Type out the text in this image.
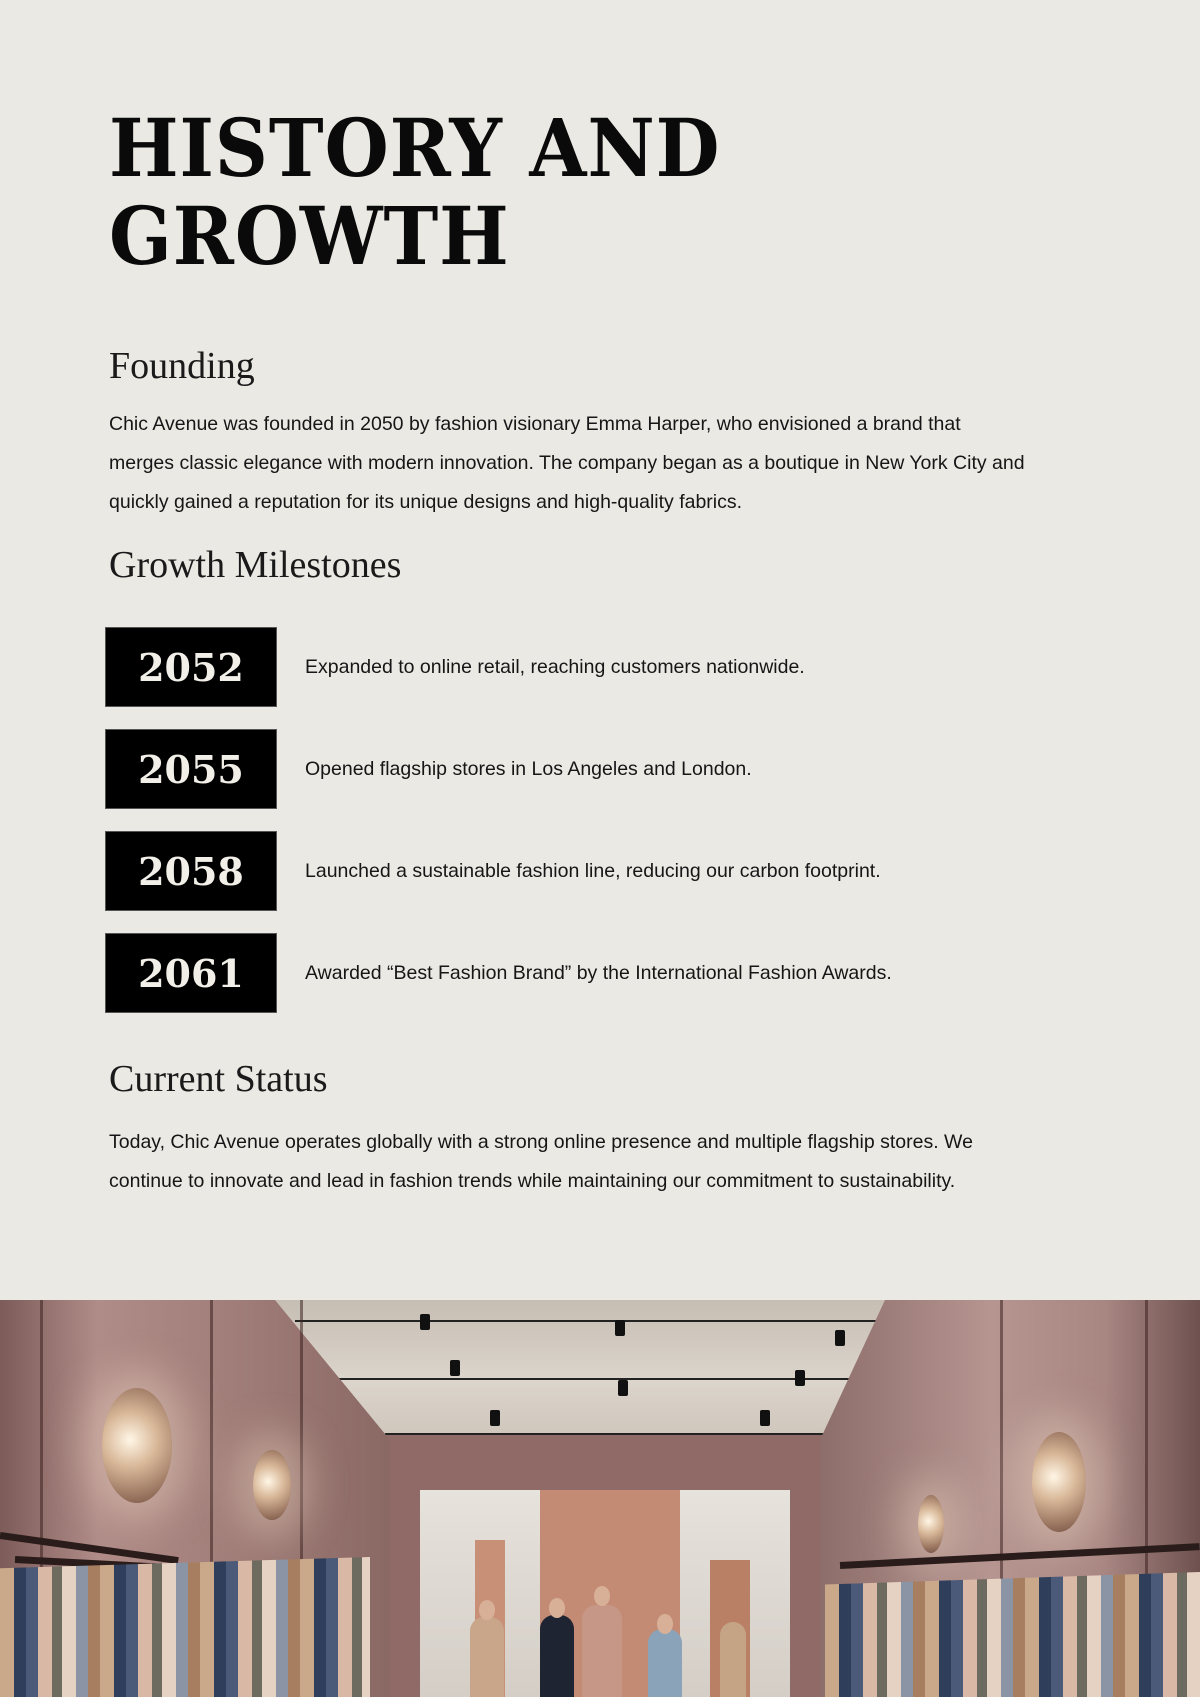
HISTORY AND
GROWTH
Founding
Chic Avenue was founded in 2050 by fashion visionary Emma Harper, who envisioned a brand that merges classic elegance with modern innovation. The company began as a boutique in New York City and quickly gained a reputation for its unique designs and high-quality fabrics.
Growth Milestones
2052	Expanded to online retail, reaching customers nationwide.
2055	Opened flagship stores in Los Angeles and London.
2058	Launched a sustainable fashion line, reducing our carbon footprint.
2061	Awarded “Best Fashion Brand” by the International Fashion Awards.
Current Status
Today, Chic Avenue operates globally with a strong online presence and multiple flagship stores. We continue to innovate and lead in fashion trends while maintaining our commitment to sustainability.
